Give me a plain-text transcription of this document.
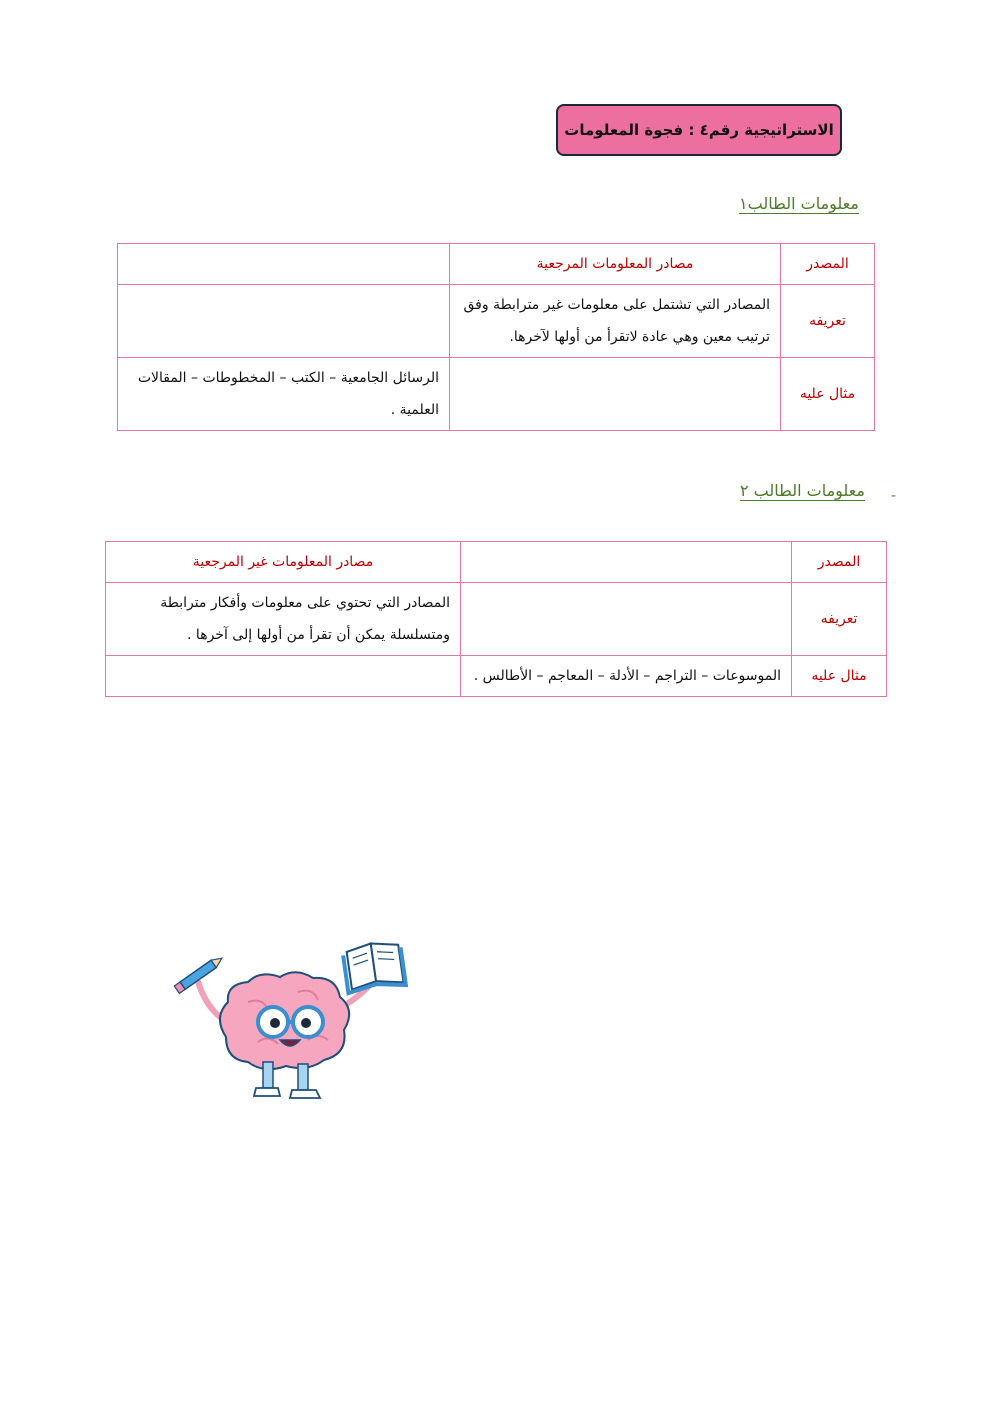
الاستراتيجية رقم٤ : فجوة المعلومات
معلومات الطالب١
المصدر	مصادر المعلومات المرجعية	
تعريفه	المصادر التي تشتمل على معلومات غير مترابطة وفق ترتيب معين وهي عادة لاتقرأ من أولها لآخرها.	
مثال عليه		الرسائل الجامعية – الكتب – المخطوطات – المقالات العلمية .
-
معلومات الطالب ٢
المصدر		مصادر المعلومات غير المرجعية
تعريفه		المصادر التي تحتوي على معلومات وأفكار مترابطة ومتسلسلة يمكن أن تقرأ من أولها إلى آخرها .
مثال عليه	الموسوعات – التراجم – الأدلة – المعاجم – الأطالس .	
